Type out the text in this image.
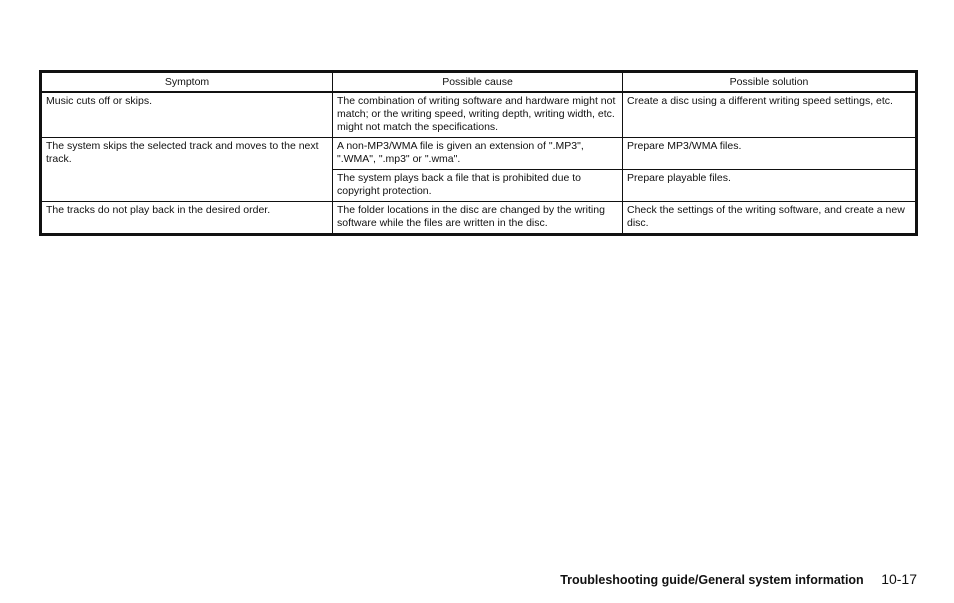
Symptom	Possible cause	Possible solution
Music cuts off or skips.	The combination of writing software and hardware might not match; or the writing speed, writing depth, writing width, etc. might not match the specifications.	Create a disc using a different writing speed settings, etc.
The system skips the selected track and moves to the next track.	A non-MP3/WMA file is given an extension of ".MP3", ".WMA", ".mp3" or ".wma".	Prepare MP3/WMA files.
	The system plays back a file that is prohibited due to copyright protection.	Prepare playable files.
The tracks do not play back in the desired order.	The folder locations in the disc are changed by the writing software while the files are written in the disc.	Check the settings of the writing software, and create a new disc.
Troubleshooting guide/General system information 10-17
